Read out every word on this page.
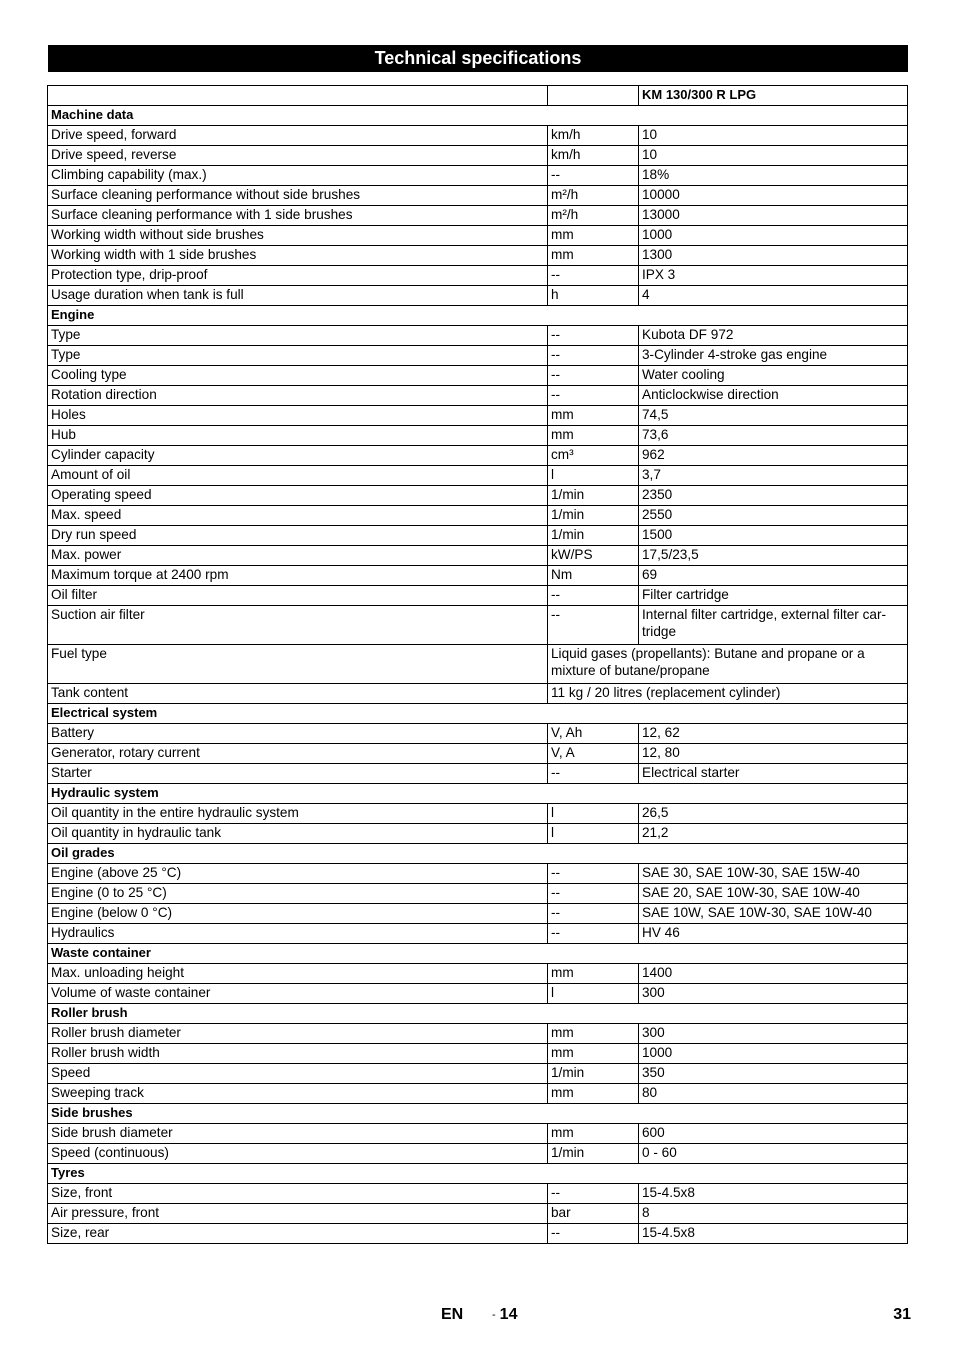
Technical specifications
		KM 130/300 R LPG
Machine data		
Drive speed, forward	km/h	10
Drive speed, reverse	km/h	10
Climbing capability (max.)	--	18%
Surface cleaning performance without side brushes	m²/h	10000
Surface cleaning performance with 1 side brushes	m²/h	13000
Working width without side brushes	mm	1000
Working width with 1 side brushes	mm	1300
Protection type, drip-proof	--	IPX 3
Usage duration when tank is full	h	4
Engine		
Type	--	Kubota DF 972
Type	--	3-Cylinder 4-stroke gas engine
Cooling type	--	Water cooling
Rotation direction	--	Anticlockwise direction
Holes	mm	74,5
Hub	mm	73,6
Cylinder capacity	cm³	962
Amount of oil	l	3,7
Operating speed	1/min	2350
Max. speed	1/min	2550
Dry run speed	1/min	1500
Max. power	kW/PS	17,5/23,5
Maximum torque at 2400 rpm	Nm	69
Oil filter	--	Filter cartridge
Suction air filter	--	Internal filter cartridge, external filter car-tridge
Fuel type	Liquid gases (propellants): Butane and propane or a mixture of butane/propane	
Tank content	11 kg / 20 litres (replacement cylinder)	
Electrical system		
Battery	V, Ah	12, 62
Generator, rotary current	V, A	12, 80
Starter	--	Electrical starter
Hydraulic system		
Oil quantity in the entire hydraulic system	l	26,5
Oil quantity in hydraulic tank	l	21,2
Oil grades		
Engine (above 25 °C)	--	SAE 30, SAE 10W-30, SAE 15W-40
Engine (0 to 25 °C)	--	SAE 20, SAE 10W-30, SAE 10W-40
Engine (below 0 °C)	--	SAE 10W, SAE 10W-30, SAE 10W-40
Hydraulics	--	HV 46
Waste container		
Max. unloading height	mm	1400
Volume of waste container	l	300
Roller brush		
Roller brush diameter	mm	300
Roller brush width	mm	1000
Speed	1/min	350
Sweeping track	mm	80
Side brushes		
Side brush diameter	mm	600
Speed (continuous)	1/min	0 - 60
Tyres		
Size, front	--	15-4.5x8
Air pressure, front	bar	8
Size, rear	--	15-4.5x8
EN	- 14	31
